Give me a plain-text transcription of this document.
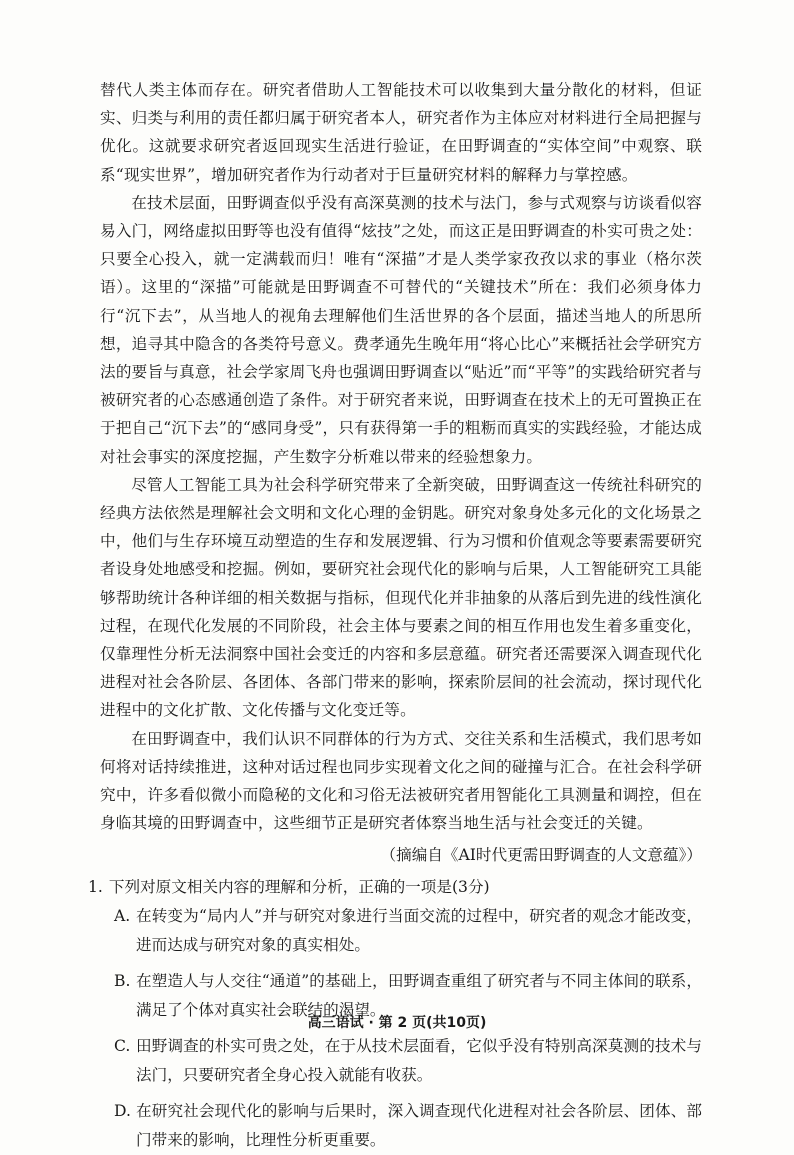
替代人类主体而存在。研究者借助人工智能技术可以收集到大量分散化的材料，但证实、归类与利用的责任都归属于研究者本人，研究者作为主体应对材料进行全局把握与优化。这就要求研究者返回现实生活进行验证，在田野调查的“实体空间”中观察、联系“现实世界”，增加研究者作为行动者对于巨量研究材料的解释力与掌控感。

在技术层面，田野调查似乎没有高深莫测的技术与法门，参与式观察与访谈看似容易入门，网络虚拟田野等也没有值得“炫技”之处，而这正是田野调查的朴实可贵之处：只要全心投入，就一定满载而归！唯有“深描”才是人类学家孜孜以求的事业（格尔茨语）。这里的“深描”可能就是田野调查不可替代的“关键技术”所在：我们必须身体力行“沉下去”，从当地人的视角去理解他们生活世界的各个层面，描述当地人的所思所想，追寻其中隐含的各类符号意义。费孝通先生晚年用“将心比心”来概括社会学研究方法的要旨与真意，社会学家周飞舟也强调田野调查以“贴近”而“平等”的实践给研究者与被研究者的心态感通创造了条件。对于研究者来说，田野调查在技术上的无可置换正在于把自己“沉下去”的“感同身受”，只有获得第一手的粗粝而真实的实践经验，才能达成对社会事实的深度挖掘，产生数字分析难以带来的经验想象力。

尽管人工智能工具为社会科学研究带来了全新突破，田野调查这一传统社科研究的经典方法依然是理解社会文明和文化心理的金钥匙。研究对象身处多元化的文化场景之中，他们与生存环境互动塑造的生存和发展逻辑、行为习惯和价值观念等要素需要研究者设身处地感受和挖掘。例如，要研究社会现代化的影响与后果，人工智能研究工具能够帮助统计各种详细的相关数据与指标，但现代化并非抽象的从落后到先进的线性演化过程，在现代化发展的不同阶段，社会主体与要素之间的相互作用也发生着多重变化，仅靠理性分析无法洞察中国社会变迁的内容和多层意蕴。研究者还需要深入调查现代化进程对社会各阶层、各团体、各部门带来的影响，探索阶层间的社会流动，探讨现代化进程中的文化扩散、文化传播与文化变迁等。

在田野调查中，我们认识不同群体的行为方式、交往关系和生活模式，我们思考如何将对话持续推进，这种对话过程也同步实现着文化之间的碰撞与汇合。在社会科学研究中，许多看似微小而隐秘的文化和习俗无法被研究者用智能化工具测量和调控，但在身临其境的田野调查中，这些细节正是研究者体察当地生活与社会变迁的关键。

（摘编自《AI时代更需田野调查的人文意蕴》）

1. 下列对原文相关内容的理解和分析，正确的一项是(3分)

A. 在转变为“局内人”并与研究对象进行当面交流的过程中，研究者的观念才能改变，进而达成与研究对象的真实相处。
B. 在塑造人与人交往“通道”的基础上，田野调查重组了研究者与不同主体间的联系，满足了个体对真实社会联结的渴望。
C. 田野调查的朴实可贵之处，在于从技术层面看，它似乎没有特别高深莫测的技术与法门，只要研究者全身心投入就能有收获。
D. 在研究社会现代化的影响与后果时，深入调查现代化进程对社会各阶层、团体、部门带来的影响，比理性分析更重要。
高三语试 · 第 2 页(共10页)
